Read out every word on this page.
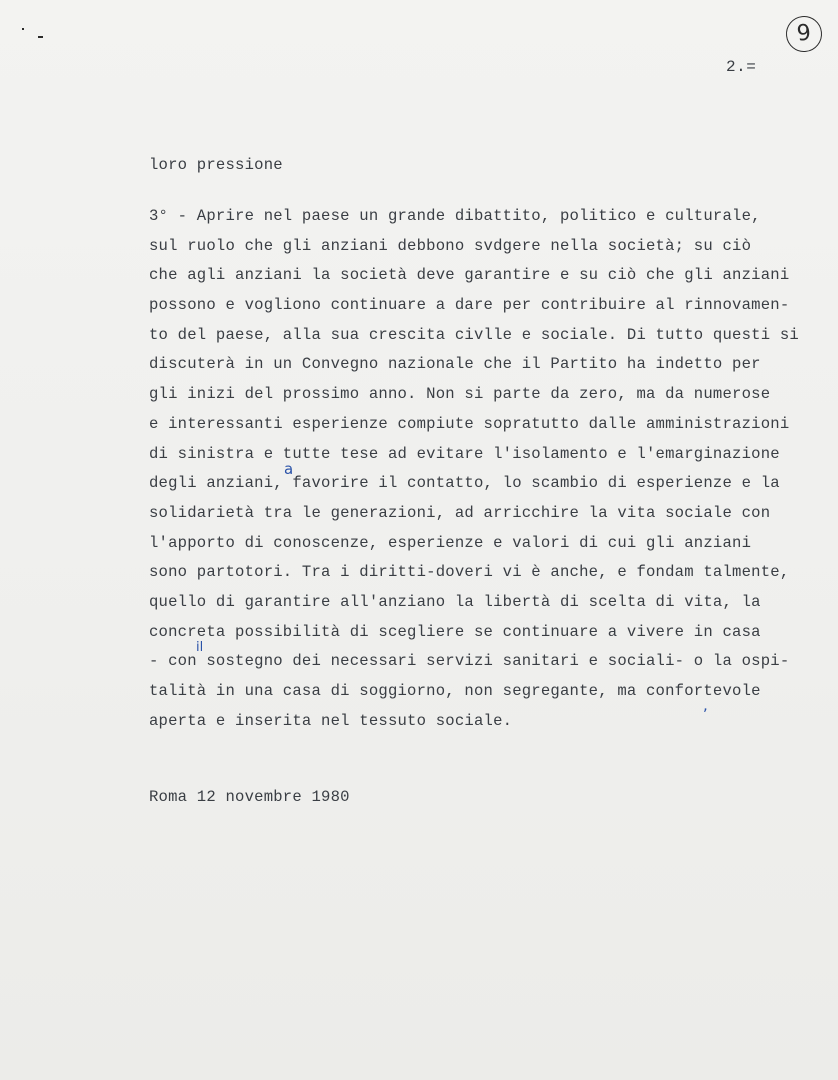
9
2.=
loro pressione
3° - Aprire nel paese un grande dibattito, politico e culturale,
sul ruolo che gli anziani debbono svdgere nella società; su ciò
che agli anziani la società deve garantire e su ciò che gli anziani
possono e vogliono continuare a dare per contribuire al rinnovamen-
to del paese, alla sua crescita civlle e sociale. Di tutto questi si
discuterà in un Convegno nazionale che il Partito ha indetto per
gli inizi del prossimo anno. Non si parte da zero, ma da numerose
e interessanti esperienze compiute sopratutto dalle amministrazioni
di sinistra e tutte tese ad evitare l'isolamento e l'emarginazione
degli anziani, favorire il contatto, lo scambio di esperienze e la
solidarietà tra le generazioni, ad arricchire la vita sociale con
l'apporto di conoscenze, esperienze e valori di cui gli anziani
sono partotori. Tra i diritti-doveri vi è anche, e fondam talmente,
quello di garantire all'anziano la libertà di scelta di vita, la
concreta possibilità di scegliere se continuare a vivere in casa
- con sostegno dei necessari servizi sanitari e sociali- o la ospi-
talità in una casa di soggiorno, non segregante, ma confortevole
aperta e inserita nel tessuto sociale.
a
il
,
Roma 12 novembre 1980
